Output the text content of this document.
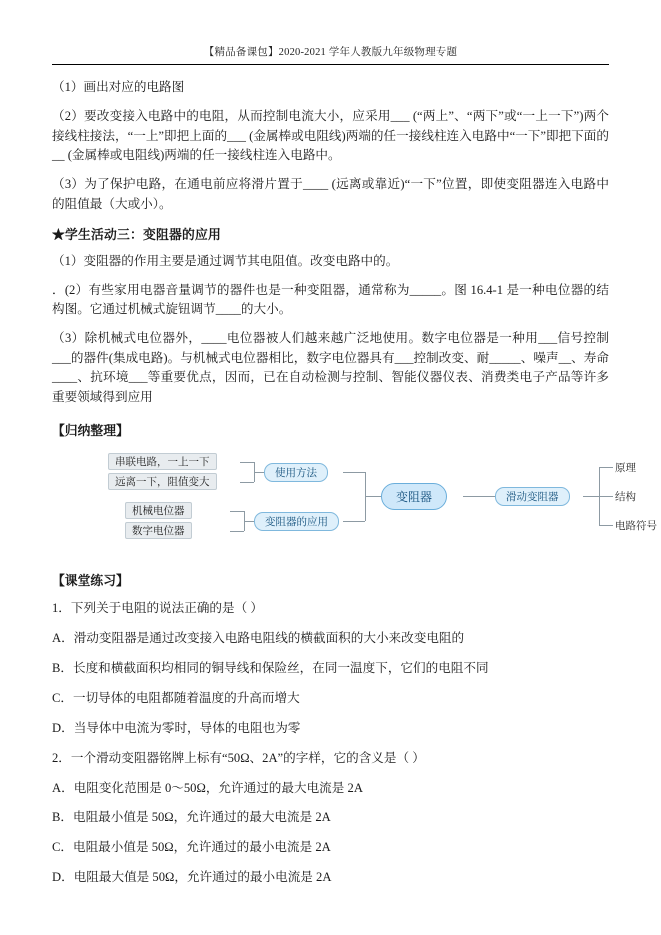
【精品备课包】2020-2021 学年人教版九年级物理专题

（1）画出对应的电路图

（2）要改变接入电路中的电阻，从而控制电流大小，应采用___ (“两上”、“两下”或“一上一下”)两个接线柱接法，“一上”即把上面的___ (金属棒或电阻线)两端的任一接线柱连入电路中“一下”即把下面的__ (金属棒或电阻线)两端的任一接线柱连入电路中。

（3）为了保护电路，在通电前应将滑片置于____ (远离或靠近)“一下”位置，即使变阻器连入电路中的阻值最（大或小）。

★学生活动三：变阻器的应用

（1）变阻器的作用主要是通过调节其电阻值。改变电路中的。

．(2）有些家用电器音量调节的器件也是一种变阻器，通常称为_____。图 16.4-1 是一种电位器的结构图。它通过机械式旋钮调节____的大小。

（3）除机械式电位器外，____电位器被人们越来越广泛地使用。数字电位器是一种用___信号控制___的器件(集成电路)。与机械式电位器相比，数字电位器具有___控制改变、耐_____、噪声__、寿命____、抗环境___等重要优点，因而，已在自动检测与控制、智能仪器仪表、消费类电子产品等许多重要领域得到应用

【归纳整理】
串联电路，一上一下
远离一下，阻值变大
机械电位器
数字电位器
使用方法
变阻器的应用
变阻器	滑动变阻器
原理
结构
电路符号
【课堂练习】

1．下列关于电阻的说法正确的是（ ）

A．滑动变阻器是通过改变接入电路电阻线的横截面积的大小来改变电阻的

B．长度和横截面积均相同的铜导线和保险丝，在同一温度下，它们的电阻不同

C．一切导体的电阻都随着温度的升高而增大

D．当导体中电流为零时，导体的电阻也为零

2．一个滑动变阻器铭牌上标有“50Ω、2A”的字样，它的含义是（ ）

A．电阻变化范围是 0～50Ω，允许通过的最大电流是 2A

B．电阻最小值是 50Ω，允许通过的最大电流是 2A

C．电阻最小值是 50Ω，允许通过的最小电流是 2A

D．电阻最大值是 50Ω，允许通过的最小电流是 2A
